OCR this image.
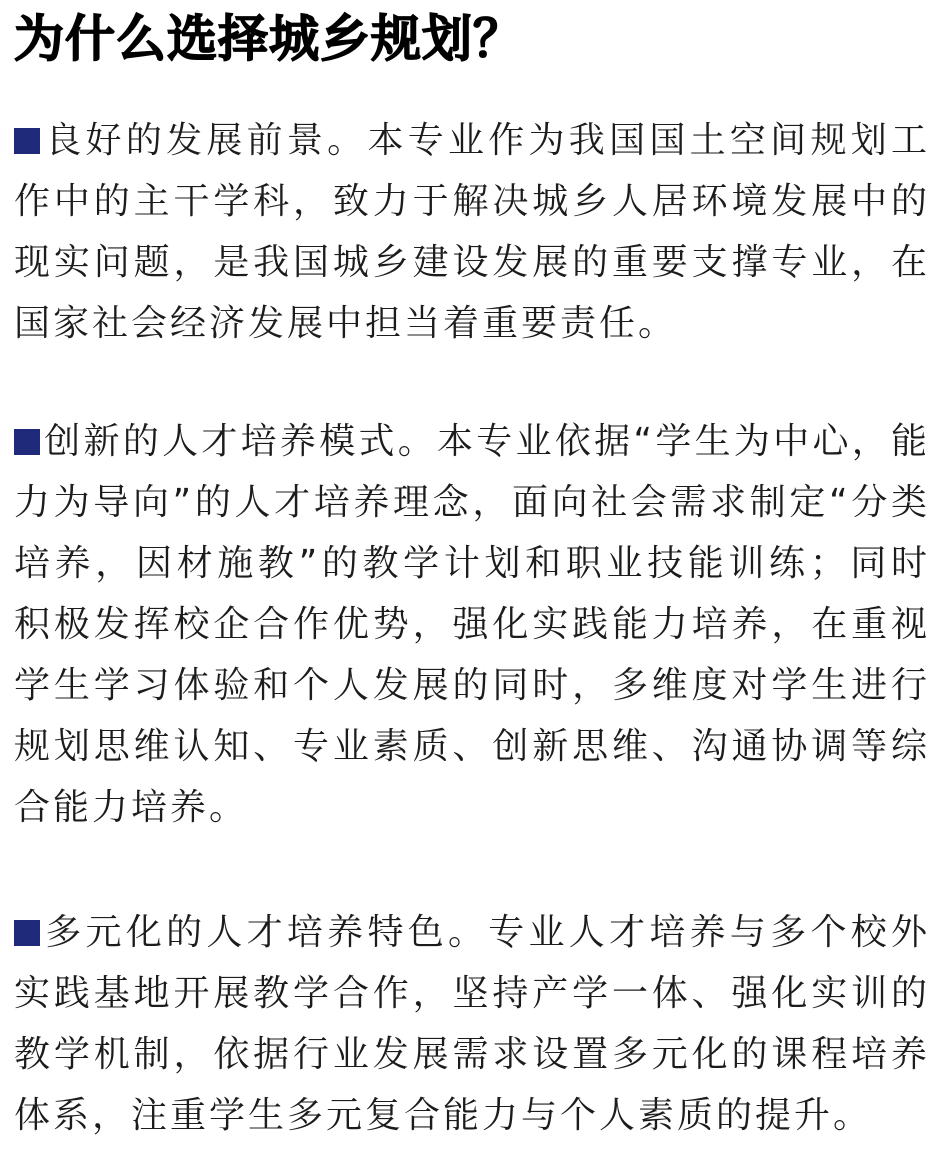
为什么选择城乡规划？

良好的发展前景。本专业作为我国国土空间规划工作中的主干学科，致力于解决城乡人居环境发展中的现实问题，是我国城乡建设发展的重要支撑专业，在国家社会经济发展中担当着重要责任。

创新的人才培养模式。本专业依据“学生为中心，能力为导向”的人才培养理念，面向社会需求制定“分类培养，因材施教”的教学计划和职业技能训练；同时积极发挥校企合作优势，强化实践能力培养，在重视学生学习体验和个人发展的同时，多维度对学生进行规划思维认知、专业素质、创新思维、沟通协调等综合能力培养。

多元化的人才培养特色。专业人才培养与多个校外实践基地开展教学合作，坚持产学一体、强化实训的教学机制，依据行业发展需求设置多元化的课程培养体系，注重学生多元复合能力与个人素质的提升。
